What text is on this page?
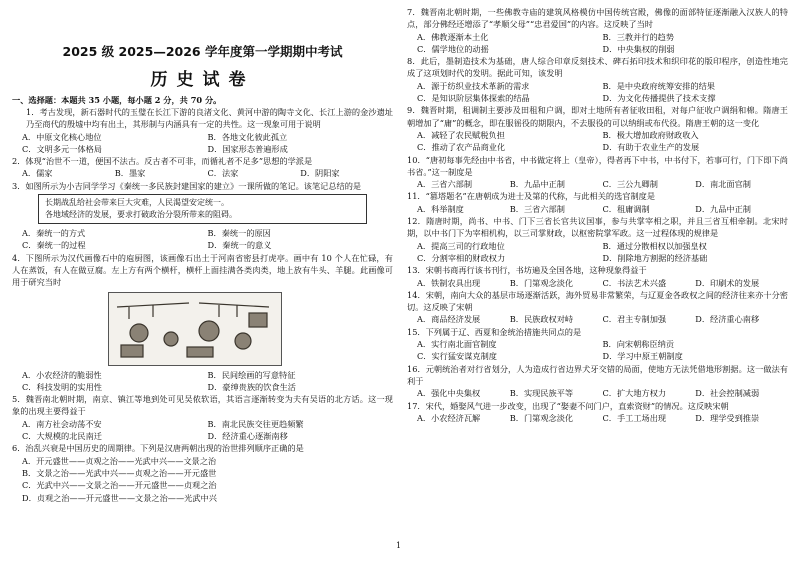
2025 级 2025—2026 学年度第一学期期中考试
历史试卷
一、选择题：本题共 35 小题，每小题 2 分，共 70 分。
1．考古发现，新石器时代的玉璧在长江下游的良渚文化、黄河中游的陶寺文化、长江上游的金沙遗址乃至商代的殷墟中均有出土，其形制与内涵具有一定的共性。这一现象可用于说明
A．中原文化核心地位	B．各地文化彼此孤立
C．文明多元一体格局	D．国家形态普遍形成
2．体现“治世不一道，便国不法古。反古者不可非，而循礼者不足多”思想的学派是
A．儒家	B．墨家	C．法家	D．阴阳家
3．如图所示为小吉同学学习《秦统一多民族封建国家的建立》一课所做的笔记。该笔记总结的是
长期战乱给社会带来巨大灾难，人民渴望安定统一。
各地域经济的发展，要求打破政治分裂所带来的阻碍。
A．秦统一的方式	B．秦统一的原因
C．秦统一的过程	D．秦统一的意义
4．下图所示为汉代画像石中的庖厨图，该画像石出土于河南省密县打虎亭。画中有 10 个人在忙碌，有人在蒸饭，有人在做豆腐。左上方有两个横杆，横杆上面挂满各类肉类，地上放有牛头、羊腿。此画像可用于研究当时
A．小农经济的脆弱性	B．民间绘画的写意特征
C．科技发明的实用性	D．豪绅贵族的饮食生活
5．魏晋南北朝时期，南京、镇江等地到处可见吴侬软语，其语言逐渐转变为夫有吴语的北方话。这一现象的出现主要得益于
A．南方社会动荡不安	B．南北民族交往更趋频繁
C．大规模的北民南迁	D．经济重心逐渐南移
6．治乱兴衰是中国历史的周期律。下列是汉唐两朝出现的治世排列顺序正确的是
A．开元盛世——贞观之治——光武中兴——文景之治
B．文景之治——光武中兴——贞观之治——开元盛世
C．光武中兴——文景之治——开元盛世——贞观之治
D．贞观之治——开元盛世——文景之治——光武中兴
7．魏晋南北朝时期，一些佛教寺庙的建筑风格模仿中国传统宫殿，佛像的面部特征逐渐融入汉族人的特点，部分佛经还增添了“孝顺父母”“忠君爱国”的内容。这反映了当时
A．佛教逐渐本土化	B．三教并行的趋势
C．儒学地位的动摇	D．中央集权的削弱
8．此后，墨制造技术为基础，唐人综合印章反刻技术、碑石拓印技术和织印花的版印程序，创造性地完成了这项划时代的发明。据此可知，该发明
A．源于纺织业技术革新的需求	B．是中央政府统筹安排的结果
C．是知识阶层集体探索的结晶	D．为文化传播提供了技术支撑
9．魏晋时期，租调制主要涉及田租和户调，即对土地所有者征收田租，对每户征收户调绢和棉。隋唐王朝增加了“庸”的概念，即在服徭役的期限内，不去服役的可以纳绢或布代役。隋唐王朝的这一变化
A．减轻了农民赋税负担	B．极大增加政府财政收入
C．推动了农产品商业化	D．有助于农业生产的发展
10．“唐初每事先经由中书省，中书做定将上（皇帝），得者再下中书，中书付下，若事可行，门下即下尚书省。”这一制度是
A．三省六部制	B．九品中正制	C．三公九卿制	D．南北面官制
11．“篡塔题名”在唐朝成为进士及第的代称，与此相关的选官制度是
A．科举制度	B．三省六部制	C．租庸调制	D．九品中正制
12．隋唐时期，尚书、中书、门下三省长官共议国事，参与共掌宰相之职，并且三省互相牵制。北宋时期，以中书门下为宰相机构，以三司掌财政，以枢密院掌军政。这一过程体现的规律是
A．提高三司的行政地位	B．通过分散相权以加强皇权
C．分割宰相的财政权力	D．削除地方割据的经济基础
13．宋朝书商再行该书刊行，书坊遍及全国各地，这种现象得益于
A．铁制农具出现	B．门第观念淡化	C．书法艺术兴盛	D．印刷术的发展
14．宋朝，南向大众的基层市场逐渐活跃，海外贸易非常繁荣，与辽夏金各政权之间的经济往来亦十分密切。这反映了宋朝
A．商品经济发展	B．民族政权对峙	C．君主专制加强	D．经济重心南移
15．下列属于辽、西夏和金统治措施共同点的是
A．实行南北面官制度	B．向宋朝称臣纳贡
C．实行猛安谋克制度	D．学习中原王朝制度
16．元朝统治者对行省划分，人为造成行省边界犬牙交错的局面，使地方无法凭借地形割据。这一做法有利于
A．强化中央集权	B．实现民族平等	C．扩大地方权力	D．社会控制减弱
17．宋代，婚娶风气进一步改变，出现了“娶妻不问门户，直索资财”的情况。这反映宋朝
A．小农经济瓦解	B．门第观念淡化	C．手工工场出现	D．理学受到推崇
1
